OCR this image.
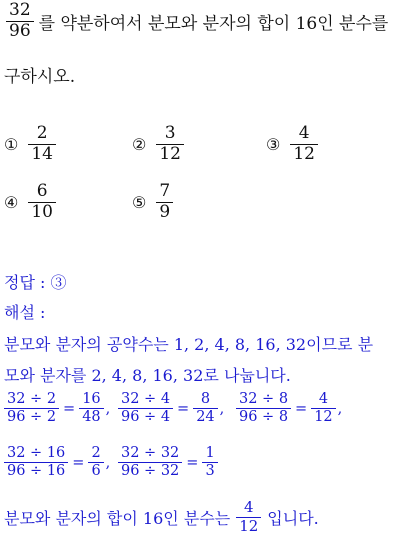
$\frac{32}{96}$ 를 약분하여서 분모와 분자의 합이 16인 분수를
구하시오.
① $\frac{2}{14}$	② $\frac{3}{12}$	③ $\frac{4}{12}$
④ $\frac{6}{10}$	⑤ $\frac{7}{9}$
정답 : ③
해설 :
분모와 분자의 공약수는 1, 2, 4, 8, 16, 32이므로 분
모와 분자를 2, 4, 8, 16, 32로 나눕니다.
$\frac{32 \div 2}{96 \div 2} = \frac{16}{48}$ , $\frac{32 \div 4}{96 \div 4} = \frac{8}{24}$ , $\frac{32 \div 8}{96 \div 8} = \frac{4}{12}$ ,
$\frac{32 \div 16}{96 \div 16} = \frac{2}{6}$ , $\frac{32 \div 32}{96 \div 32} = \frac{1}{3}$
분모와 분자의 합이 16인 분수는 $\frac{4}{12}$ 입니다.
